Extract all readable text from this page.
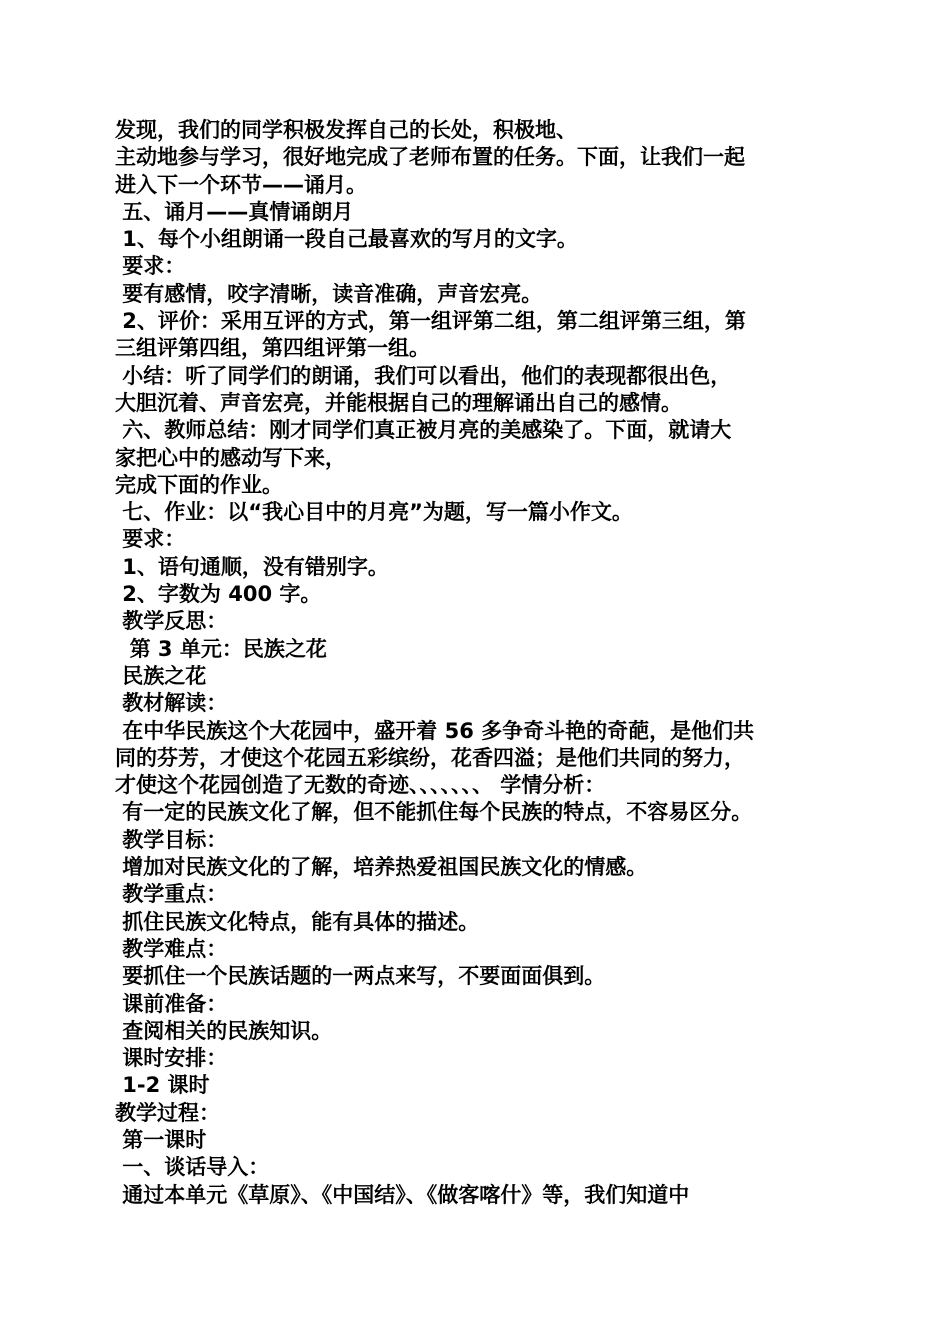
发现，我们的同学积极发挥自己的长处，积极地、
主动地参与学习，很好地完成了老师布置的任务。下面，让我们一起
进入下一个环节——诵月。
五、诵月——真情诵朗月
1、每个小组朗诵一段自己最喜欢的写月的文字。
要求：
要有感情，咬字清晰，读音准确，声音宏亮。
2、评价：采用互评的方式，第一组评第二组，第二组评第三组，第
三组评第四组，第四组评第一组。
小结：听了同学们的朗诵，我们可以看出，他们的表现都很出色，
大胆沉着、声音宏亮，并能根据自己的理解诵出自己的感情。
六、教师总结：刚才同学们真正被月亮的美感染了。下面，就请大
家把心中的感动写下来，
完成下面的作业。
七、作业：以“我心目中的月亮”为题，写一篇小作文。
要求：
1、语句通顺，没有错别字。
2、字数为 400 字。
教学反思：
第 3 单元：民族之花
民族之花
教材解读：
在中华民族这个大花园中，盛开着 56 多争奇斗艳的奇葩，是他们共
同的芬芳，才使这个花园五彩缤纷，花香四溢；是他们共同的努力，
才使这个花园创造了无数的奇迹、、、、、、、 学情分析：
有一定的民族文化了解，但不能抓住每个民族的特点，不容易区分。
教学目标：
增加对民族文化的了解，培养热爱祖国民族文化的情感。
教学重点：
抓住民族文化特点，能有具体的描述。
教学难点：
要抓住一个民族话题的一两点来写，不要面面俱到。
课前准备：
查阅相关的民族知识。
课时安排：
1-2 课时
教学过程：
第一课时
一、谈话导入：
通过本单元《草原》、《中国结》、《做客喀什》等，我们知道中
